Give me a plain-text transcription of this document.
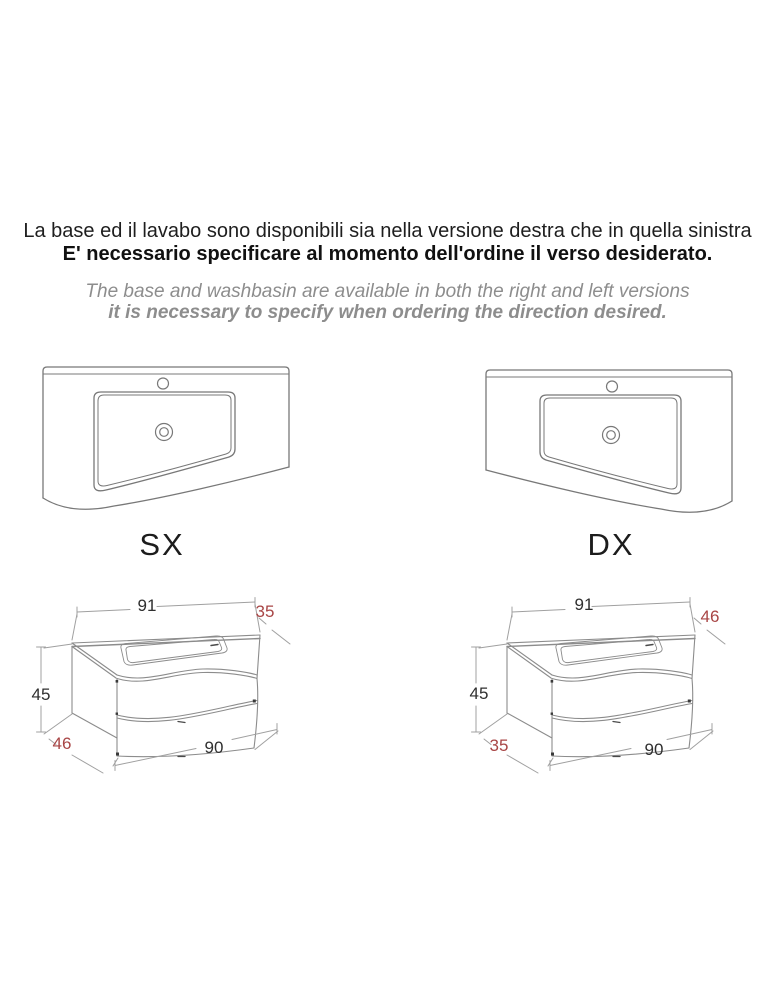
La base ed il lavabo sono disponibili sia nella versione destra che in quella sinistra
E' necessario specificare al momento dell'ordine il verso desiderato.
The base and washbasin are available in both the right and left versions
it is necessary to specify when ordering the direction desired.
SX	DX
91	35
45
46	90
91
46
45
35	90
